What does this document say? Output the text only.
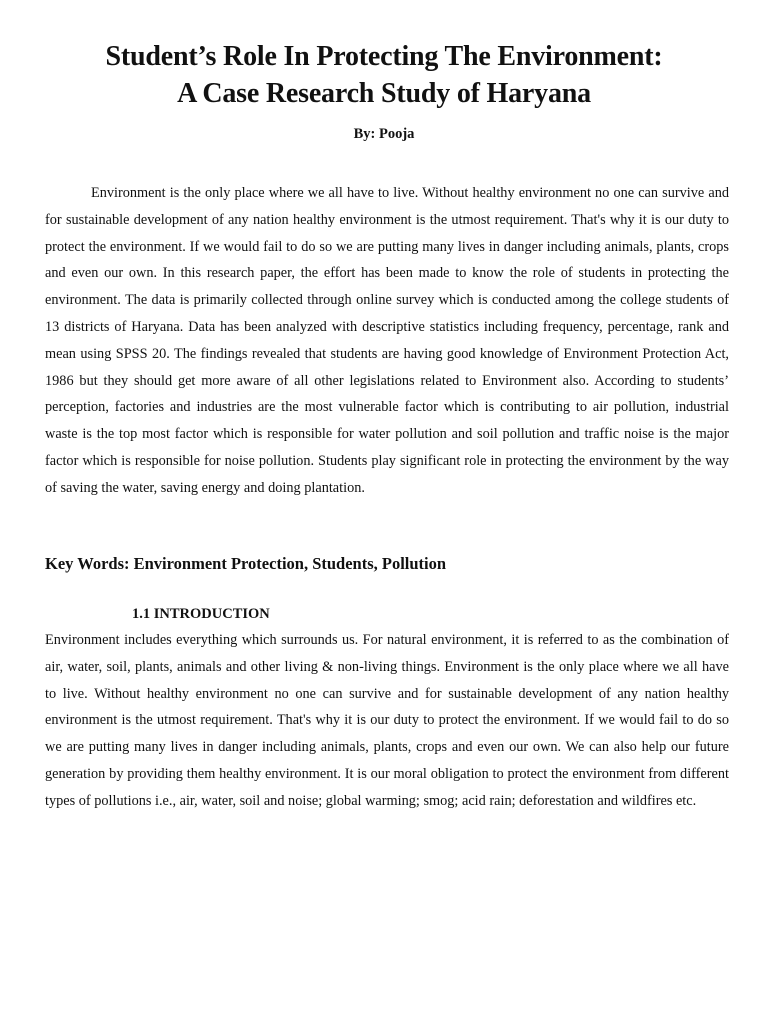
Student’s Role In Protecting The Environment:
A Case Research Study of Haryana
By: Pooja

Environment is the only place where we all have to live. Without healthy environment no one can survive and for sustainable development of any nation healthy environment is the utmost requirement. That's why it is our duty to protect the environment. If we would fail to do so we are putting many lives in danger including animals, plants, crops and even our own. In this research paper, the effort has been made to know the role of students in protecting the environment. The data is primarily collected through online survey which is conducted among the college students of 13 districts of Haryana. Data has been analyzed with descriptive statistics including frequency, percentage, rank and mean using SPSS 20. The findings revealed that students are having good knowledge of Environment Protection Act, 1986 but they should get more aware of all other legislations related to Environment also. According to students’ perception, factories and industries are the most vulnerable factor which is contributing to air pollution, industrial waste is the top most factor which is responsible for water pollution and soil pollution and traffic noise is the major factor which is responsible for noise pollution. Students play significant role in protecting the environment by the way of saving the water, saving energy and doing plantation.

Key Words: Environment Protection, Students, Pollution
1.1 INTRODUCTION

Environment includes everything which surrounds us. For natural environment, it is referred to as the combination of air, water, soil, plants, animals and other living & non-living things. Environment is the only place where we all have to live. Without healthy environment no one can survive and for sustainable development of any nation healthy environment is the utmost requirement. That's why it is our duty to protect the environment. If we would fail to do so we are putting many lives in danger including animals, plants, crops and even our own. We can also help our future generation by providing them healthy environment. It is our moral obligation to protect the environment from different types of pollutions i.e., air, water, soil and noise; global warming; smog; acid rain; deforestation and wildfires etc.
